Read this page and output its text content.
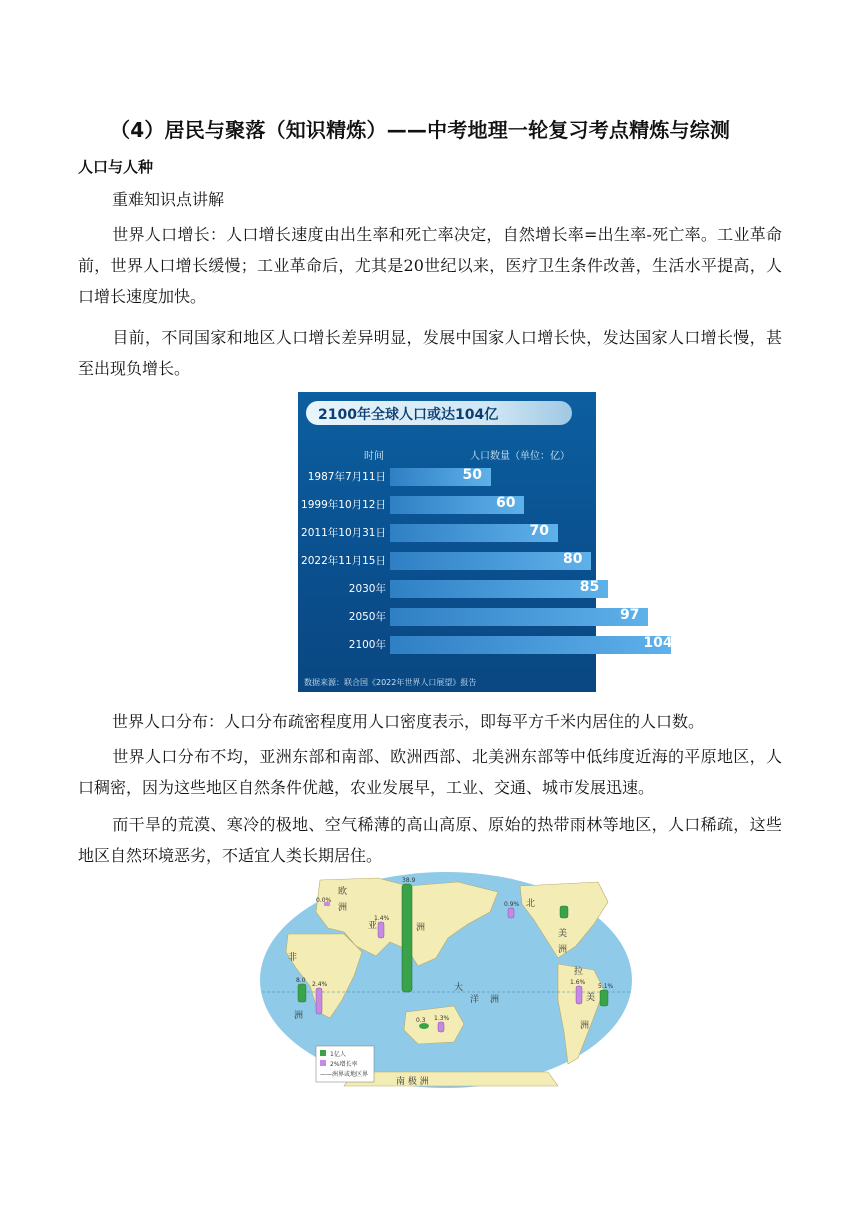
（4）居民与聚落（知识精炼）——中考地理一轮复习考点精炼与综测
人口与人种
重难知识点讲解
世界人口增长：人口增长速度由出生率和死亡率决定，自然增长率=出生率-死亡率。工业革命前，世界人口增长缓慢；工业革命后，尤其是20世纪以来，医疗卫生条件改善，生活水平提高，人口增长速度加快。
目前，不同国家和地区人口增长差异明显，发展中国家人口增长快，发达国家人口增长慢，甚至出现负增长。
2100年全球人口或达104亿
时间	人口数量（单位：亿）
1987年7月11日	50
1999年10月12日	60
2011年10月31日	70
2022年11月15日	80
2030年	85
2050年	97
2100年	104
数据来源：联合国《2022年世界人口展望》报告
世界人口分布：人口分布疏密程度用人口密度表示，即每平方千米内居住的人口数。
世界人口分布不均，亚洲东部和南部、欧洲西部、北美洲东部等中低纬度近海的平原地区，人口稠密，因为这些地区自然条件优越，农业发展早，工业、交通、城市发展迅速。
而干旱的荒漠、寒冷的极地、空气稀薄的高山高原、原始的热带雨林等地区，人口稀疏，这些地区自然环境恶劣，不适宜人类长期居住。
欧
洲
亚	洲
非
洲
北
美
洲
拉
美
洲
大
洋 洲
南 极 洲
0.0%
1.4%
38.9
8.0
2.4%
0.3 1.3%
0.9%
1.6%
5.1%
1亿人
2%增长率
——洲界或地区界
